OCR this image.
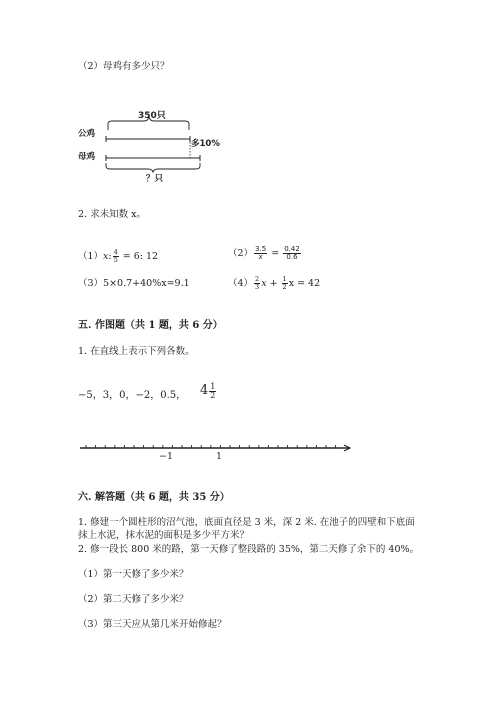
（2）母鸡有多少只？
350只
公鸡
母鸡
多10%
？只
2. 求未知数 x。
（1）x: $\frac{4}{5} = 6$: 12	$(2) \frac{3.5}{x} = \frac{0.42}{0.6}$
（3）5×0.7+40%x=9.1	$(4) \frac{2}{3}$ $x + \frac{1}{2}$ x = 42
五. 作图题（共 1 题，共 6 分）
1. 在直线上表示下列各数。
−5，3，0，−2，0.5， $4 \frac{1}{2}$
−1	1
六. 解答题（共 6 题，共 35 分）
1. 修建一个圆柱形的沼气池，底面直径是 3 米，深 2 米. 在池子的四壁和下底面
抹上水泥，抹水泥的面积是多少平方米？
2. 修一段长 800 米的路，第一天修了整段路的 35%，第二天修了余下的 40%。
（1）第一天修了多少米？
（2）第二天修了多少米？
（3）第三天应从第几米开始修起？
